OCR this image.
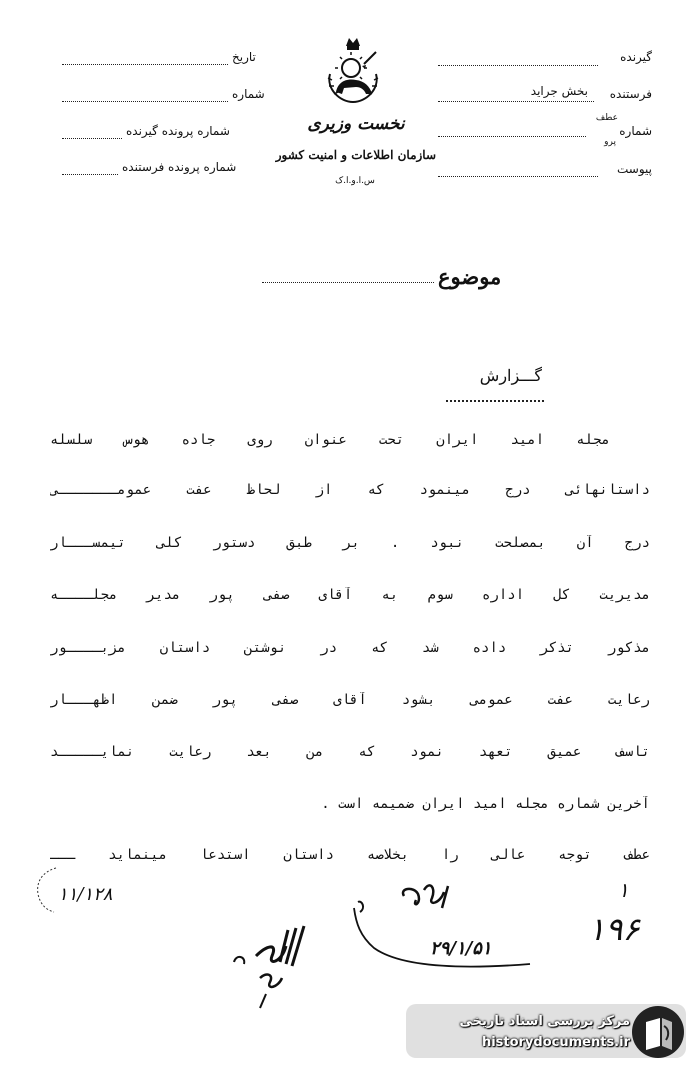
گیرنده
فرستنده
بخش جراید
شماره
عطف
پرو
پیوست
تاریخ
شماره
شماره پرونده گیرنده
شماره پرونده فرستنده
نخست وزیری
سازمان اطلاعات و امنیت کشور
س.ا.و.ا.ک
موضوع
گـــزارش
مجله امید ایران تحت عنوان روی جاده هوس سلسله
داستانهائی درج مینمود که از لحاظ عفت عمومـــــــی
درج آن بمصلحت نبود . بر طبق دستور کلی تیمســـار
مدیریت کل اداره سوم به آقای صفی پور مدیر مجلــــه
مذکور تذکر داده شد که در نوشتن داستان مزبــــور
رعایت عفت عمومی بشود آقای صفی پور ضمن اظهـــار
تاسف عمیق تعهد نمود که من بعد رعایت نمایـــــد
آخرین شماره مجله امید ایران ضمیمه است .
عطف توجه عالی را بخلاصه داستان استدعا مینماید ـــ
۱۱/۱۲۸
۲۹/۱/۵۱
۱
۱۹۶
مرکز بررسی اسناد تاریخی
historydocuments.ir
